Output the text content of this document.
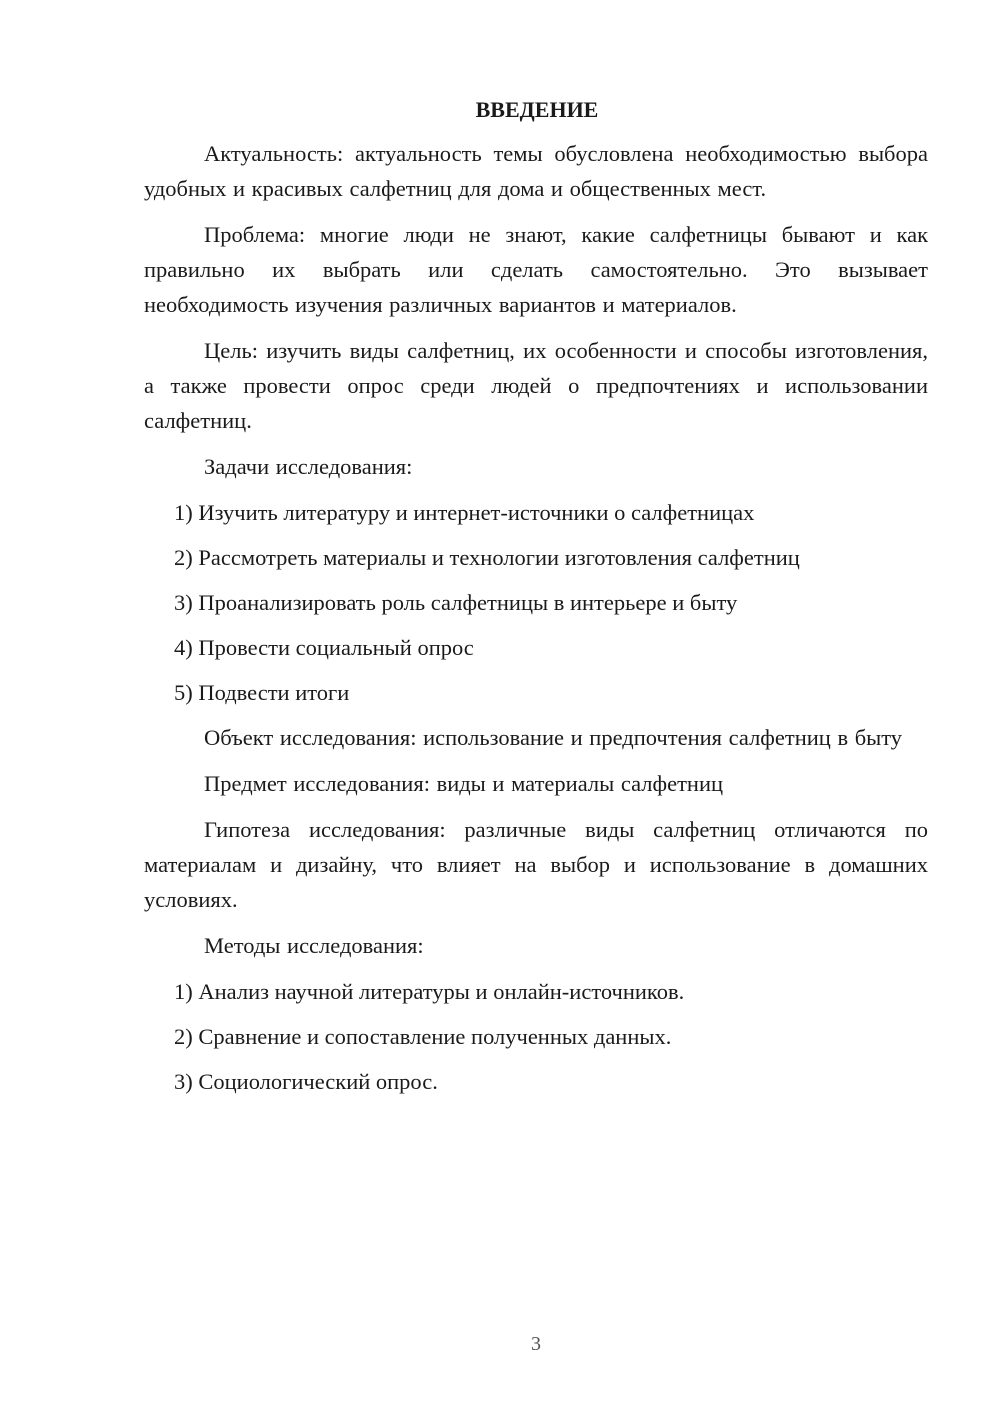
ВВЕДЕНИЕ

Актуальность: актуальность темы обусловлена необходимостью выбора удобных и красивых салфетниц для дома и общественных мест.

Проблема: многие люди не знают, какие салфетницы бывают и как правильно их выбрать или сделать самостоятельно. Это вызывает необходимость изучения различных вариантов и материалов.

Цель: изучить виды салфетниц, их особенности и способы изготовления, а также провести опрос среди людей о предпочтениях и использовании салфетниц.

Задачи исследования:

1) Изучить литературу и интернет-источники о салфетницах

2) Рассмотреть материалы и технологии изготовления салфетниц

3) Проанализировать роль салфетницы в интерьере и быту

4) Провести социальный опрос

5) Подвести итоги

Объект исследования: использование и предпочтения салфетниц в быту

Предмет исследования: виды и материалы салфетниц

Гипотеза исследования: различные виды салфетниц отличаются по материалам и дизайну, что влияет на выбор и использование в домашних условиях.

Методы исследования:

1) Анализ научной литературы и онлайн-источников.

2) Сравнение и сопоставление полученных данных.

3) Социологический опрос.

3
